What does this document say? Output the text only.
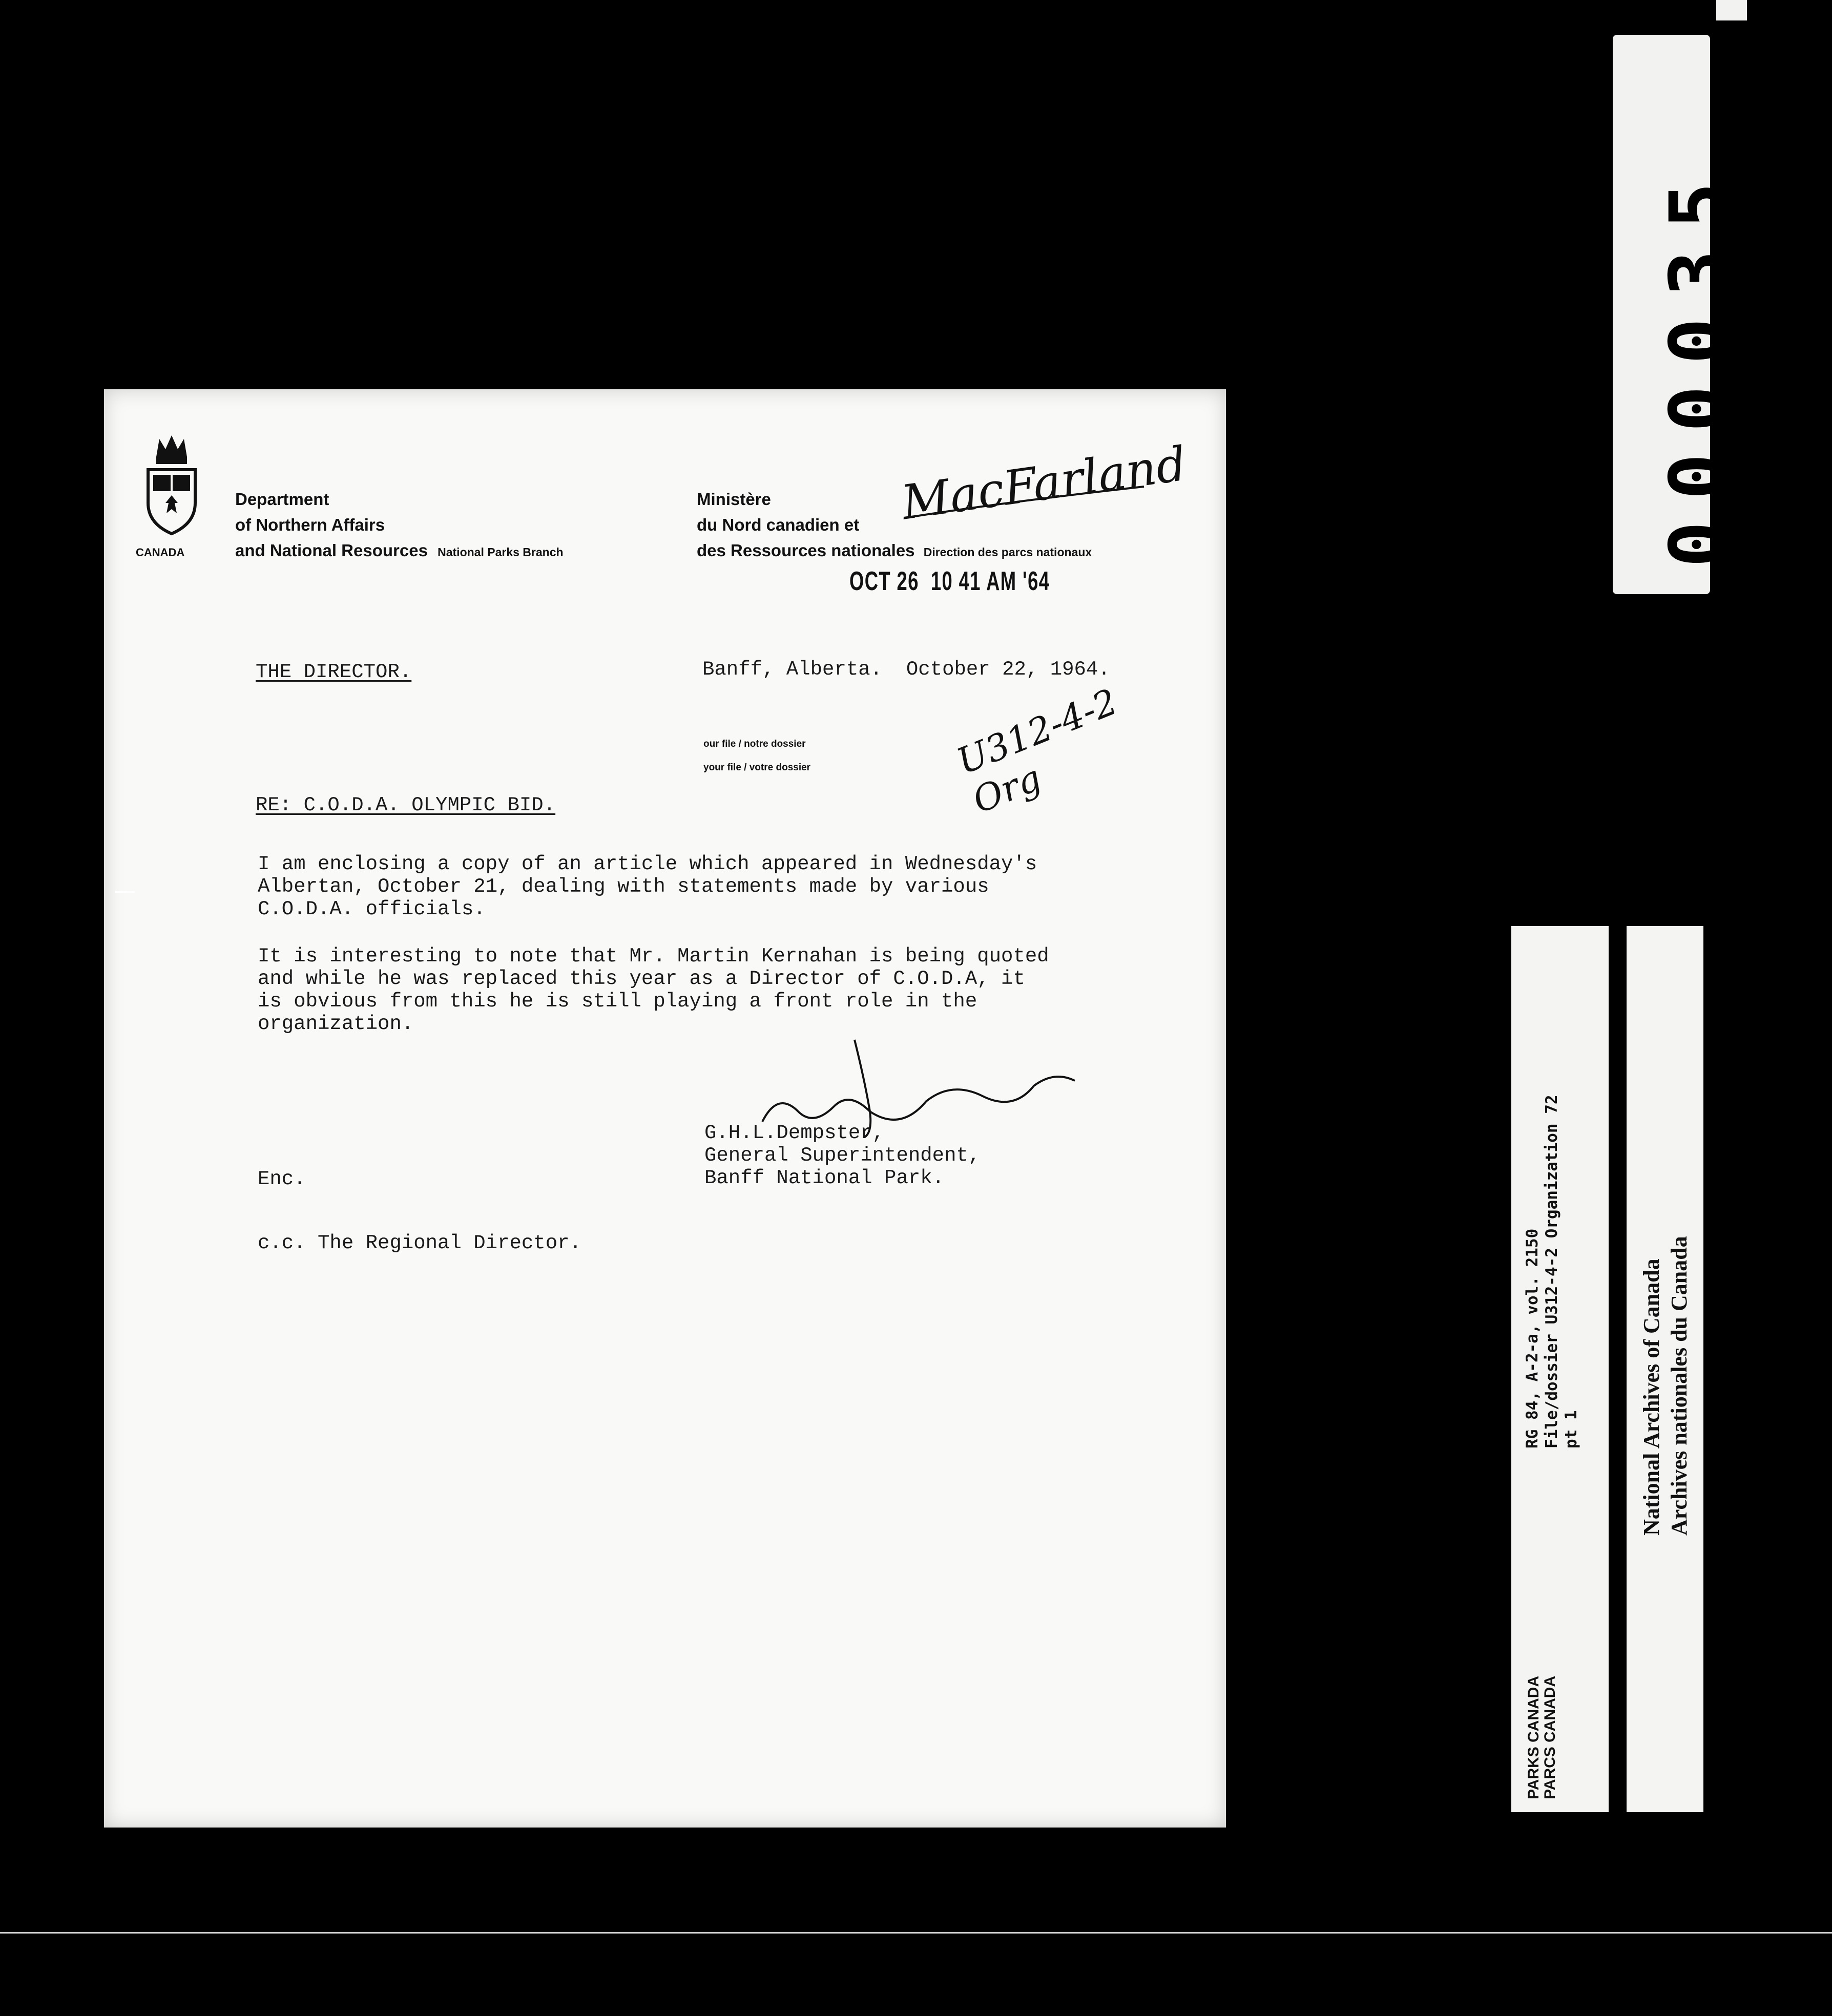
CANADA
Department
of Northern Affairs
and National Resources National Parks Branch
Ministère
du Nord canadien et
des Ressources nationales Direction des parcs nationaux
MacFarland
OCT 26  10 41 AM '64
THE DIRECTOR.	Banff, Alberta.  October 22, 1964.
our file / notre dossier
your file / votre dossier	U312-4-2 Org
RE: C.O.D.A. OLYMPIC BID.

I am enclosing a copy of an article which appeared in Wednesday's

Albertan, October 21, dealing with statements made by various

C.O.D.A. officials.

It is interesting to note that Mr. Martin Kernahan is being quoted

and while he was replaced this year as a Director of C.O.D.A, it

is obvious from this he is still playing a front role in the

organization.

G.H.L.Dempster,

General Superintendent,

Banff National Park.

Enc.
c.c. The Regional Director.
000035
RG 84, A-2-a, vol. 2150 File/dossier U312-4-2 Organization 72 pt 1
PARKS CANADA PARCS CANADA
National Archives of Canada Archives nationales du Canada
